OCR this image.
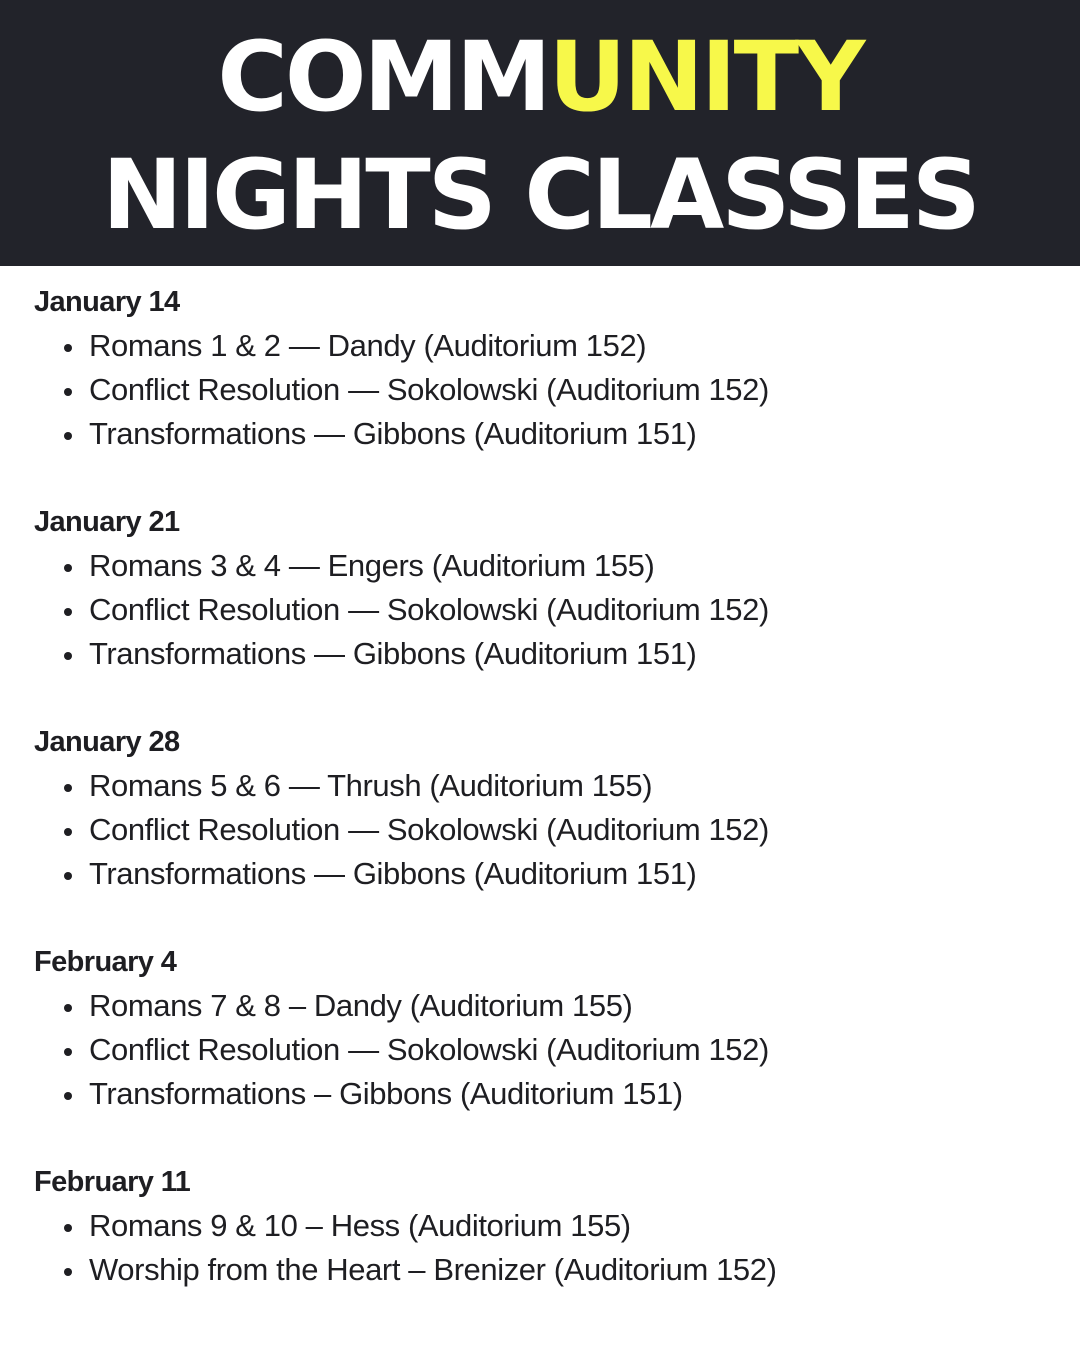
COMMUNITY
NIGHTS CLASSES
January 14
Romans 1 & 2 — Dandy (Auditorium 152)
Conflict Resolution — Sokolowski (Auditorium 152)
Transformations — Gibbons (Auditorium 151)
January 21
Romans 3 & 4 — Engers (Auditorium 155)
Conflict Resolution — Sokolowski (Auditorium 152)
Transformations — Gibbons (Auditorium 151)
January 28
Romans 5 & 6 — Thrush (Auditorium 155)
Conflict Resolution — Sokolowski (Auditorium 152)
Transformations — Gibbons (Auditorium 151)
February 4
Romans 7 & 8 – Dandy (Auditorium 155)
Conflict Resolution — Sokolowski (Auditorium 152)
Transformations – Gibbons (Auditorium 151)
February 11
Romans 9 & 10 – Hess (Auditorium 155)
Worship from the Heart – Brenizer (Auditorium 152)
